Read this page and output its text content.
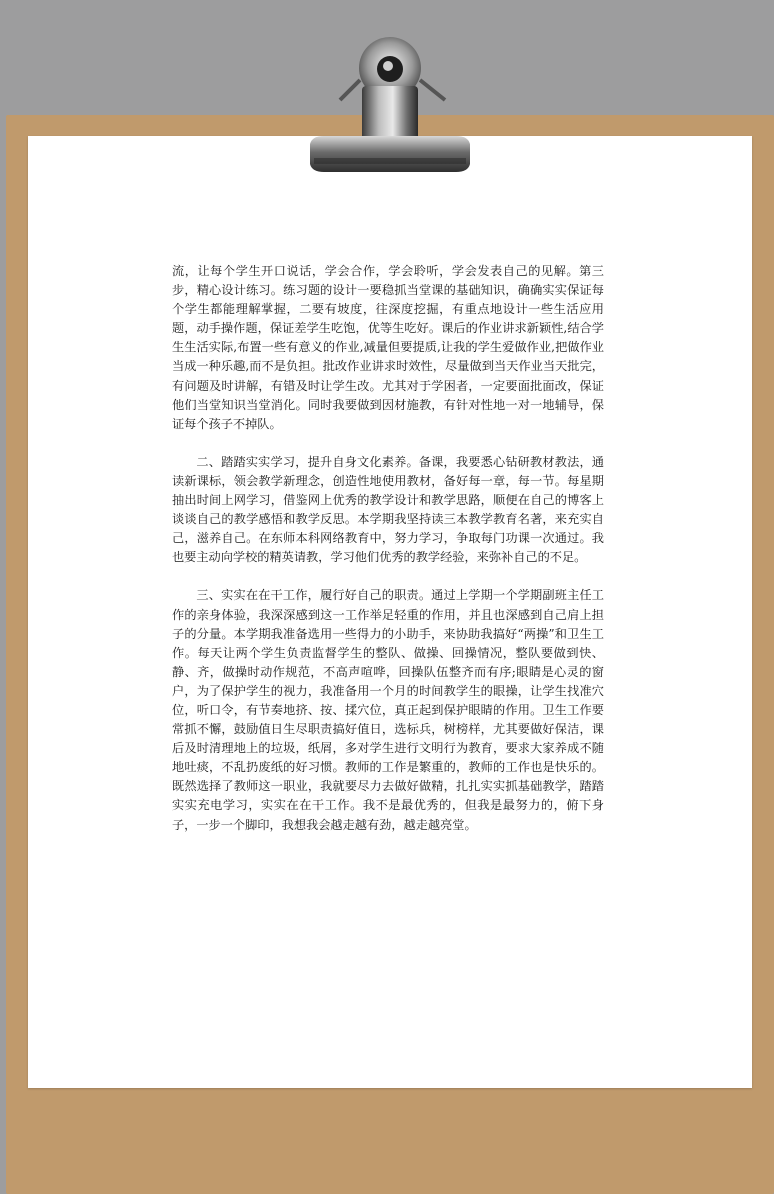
流，让每个学生开口说话，学会合作，学会聆听，学会发表自己的见解。第三步，精心设计练习。练习题的设计一要稳抓当堂课的基础知识，确确实实保证每个学生都能理解掌握，二要有坡度，往深度挖掘，有重点地设计一些生活应用题，动手操作题，保证差学生吃饱，优等生吃好。课后的作业讲求新颖性,结合学生生活实际,布置一些有意义的作业,减量但要提质,让我的学生爱做作业,把做作业当成一种乐趣,而不是负担。批改作业讲求时效性，尽量做到当天作业当天批完，有问题及时讲解，有错及时让学生改。尤其对于学困者，一定要面批面改，保证他们当堂知识当堂消化。同时我要做到因材施教，有针对性地一对一地辅导，保证每个孩子不掉队。

二、踏踏实实学习，提升自身文化素养。备课，我要悉心钻研教材教法，通读新课标，领会教学新理念，创造性地使用教材，备好每一章，每一节。每星期抽出时间上网学习，借鉴网上优秀的教学设计和教学思路，顺便在自己的博客上谈谈自己的教学感悟和教学反思。本学期我坚持读三本教学教育名著，来充实自己，滋养自己。在东师本科网络教育中，努力学习，争取每门功课一次通过。我也要主动向学校的精英请教，学习他们优秀的教学经验，来弥补自己的不足。

三、实实在在干工作，履行好自己的职责。通过上学期一个学期副班主任工作的亲身体验，我深深感到这一工作举足轻重的作用，并且也深感到自己肩上担子的分量。本学期我准备选用一些得力的小助手，来协助我搞好“两操”和卫生工作。每天让两个学生负责监督学生的整队、做操、回操情况，整队要做到快、静、齐，做操时动作规范，不高声喧哗，回操队伍整齐而有序;眼睛是心灵的窗户，为了保护学生的视力，我准备用一个月的时间教学生的眼操，让学生找准穴位，听口令，有节奏地挤、按、揉穴位，真正起到保护眼睛的作用。卫生工作要常抓不懈，鼓励值日生尽职责搞好值日，选标兵，树榜样，尤其要做好保洁，课后及时清理地上的垃圾，纸屑，多对学生进行文明行为教育，要求大家养成不随地吐痰，不乱扔废纸的好习惯。教师的工作是繁重的，教师的工作也是快乐的。既然选择了教师这一职业，我就要尽力去做好做精，扎扎实实抓基础教学，踏踏实实充电学习，实实在在干工作。我不是最优秀的，但我是最努力的，俯下身子，一步一个脚印，我想我会越走越有劲，越走越亮堂。
